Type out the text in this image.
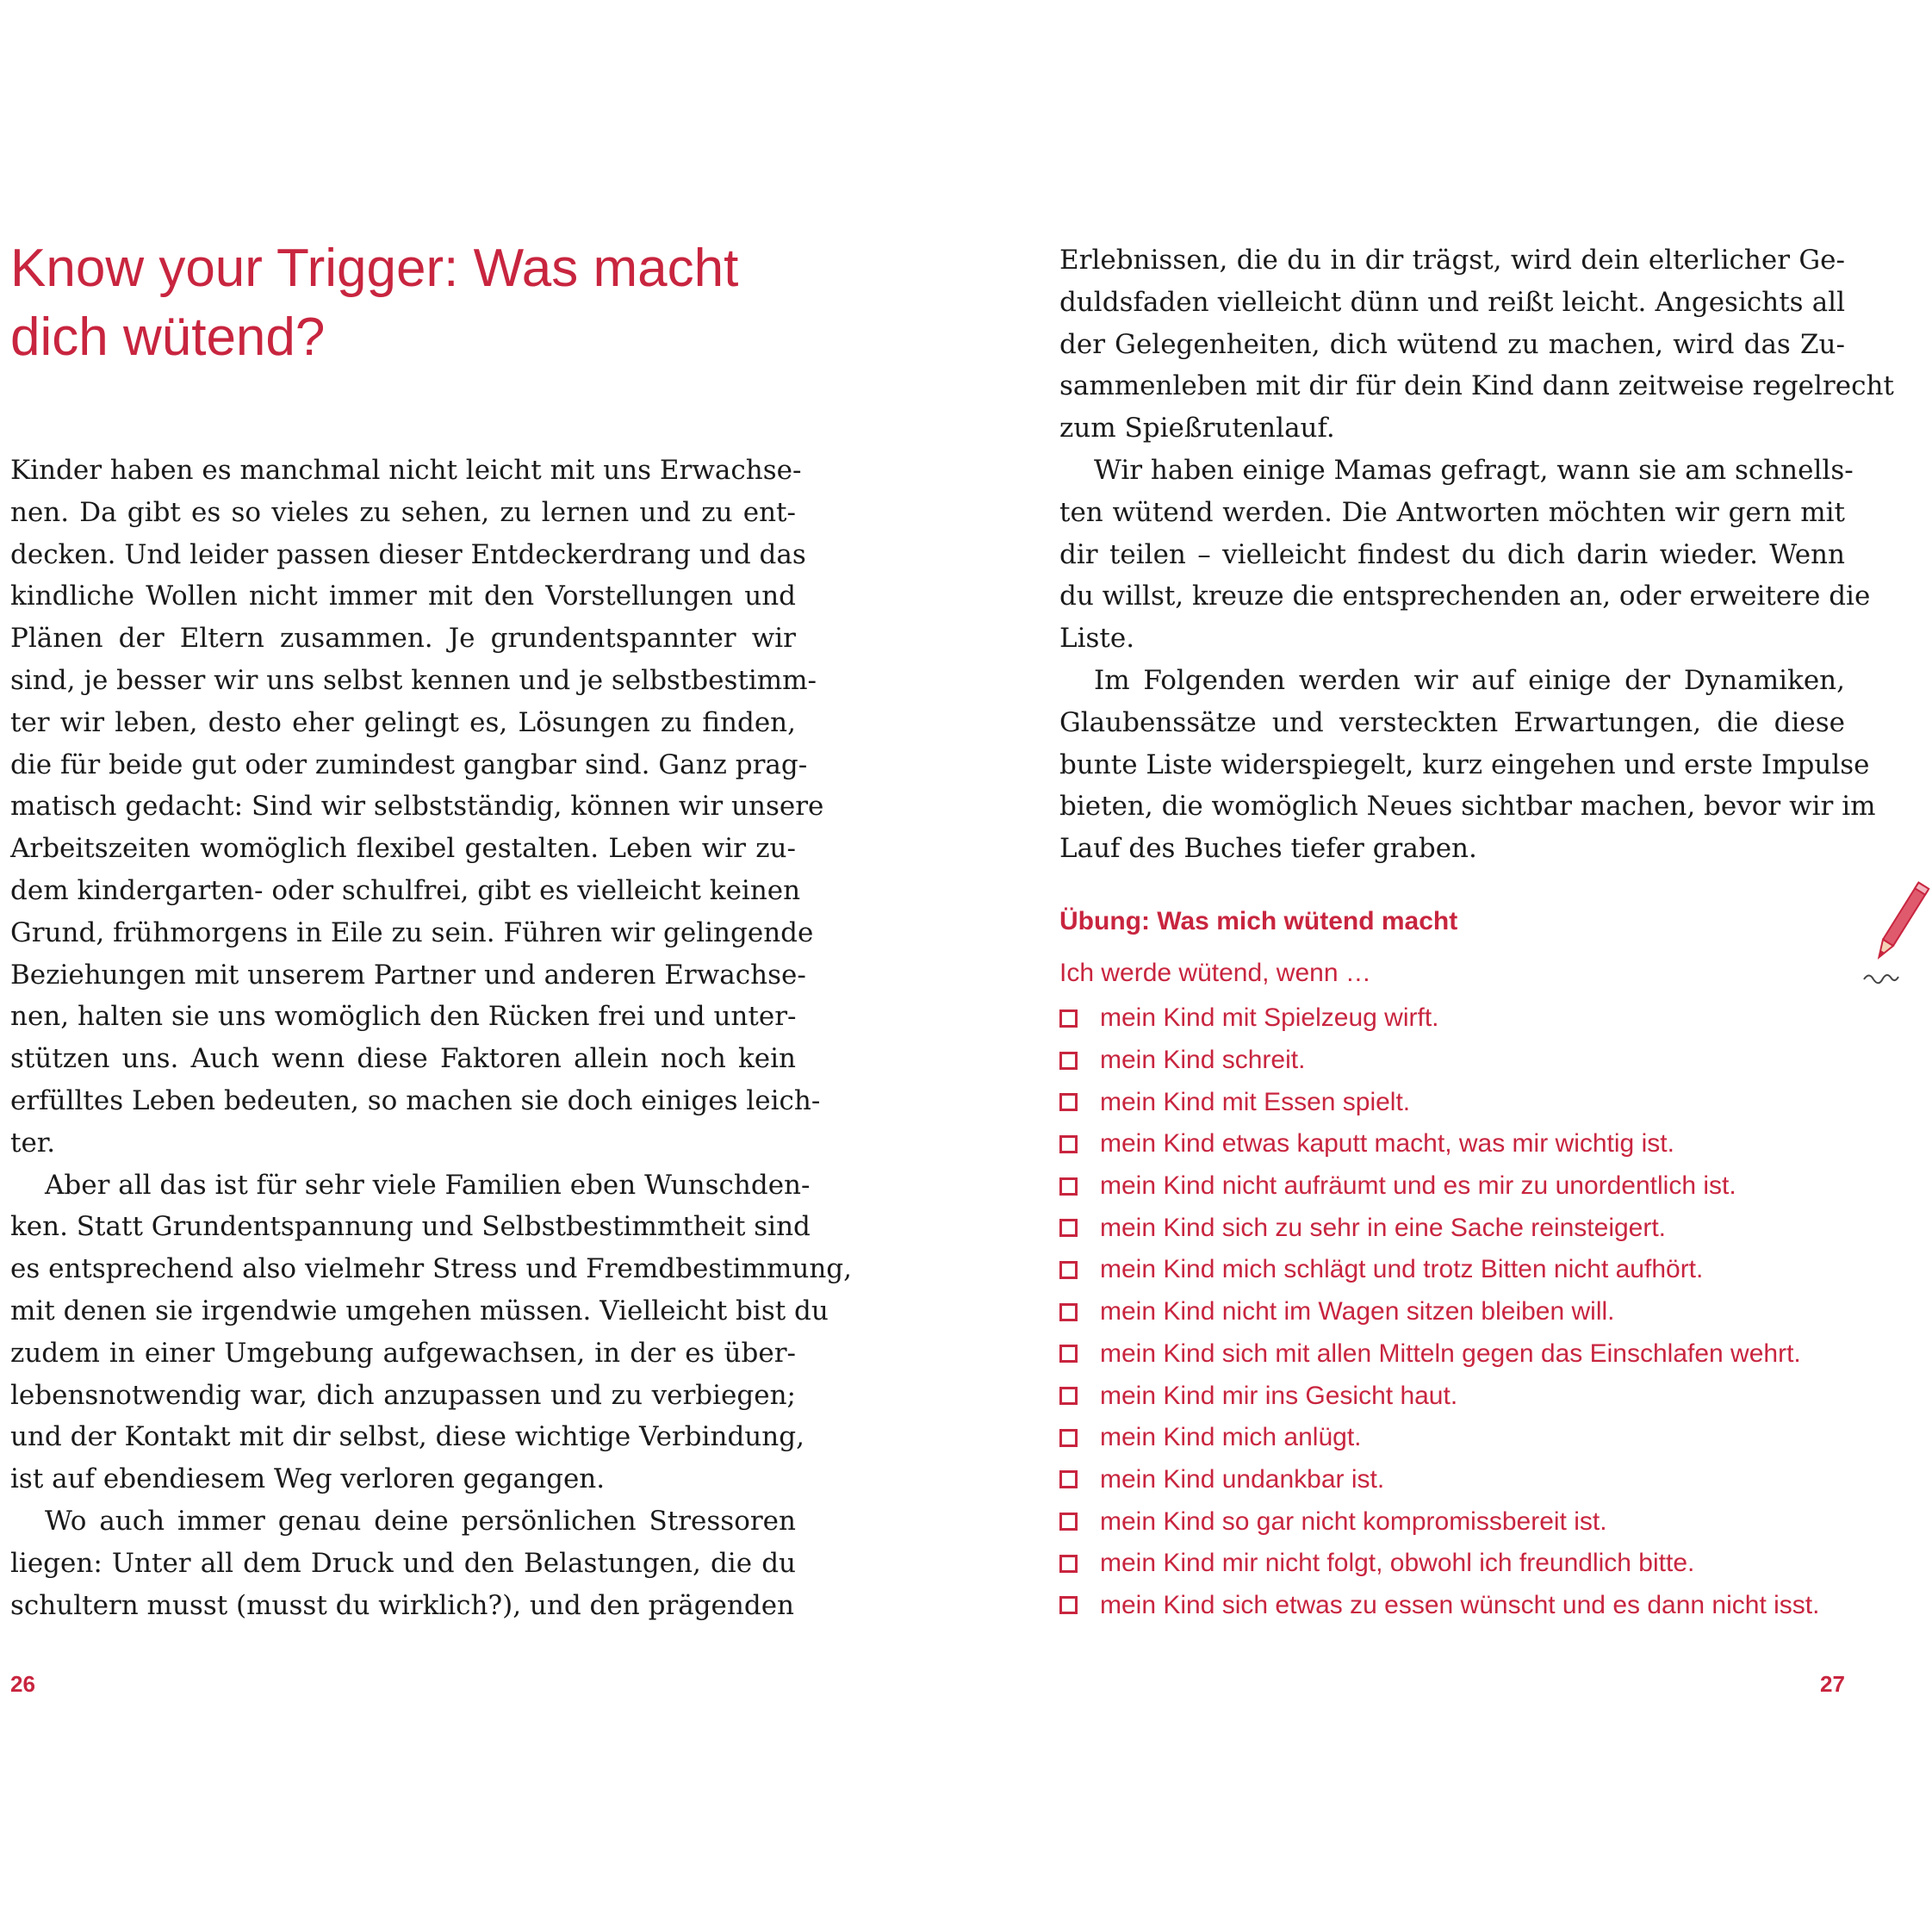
Know your Trigger: Was macht
dich wütend?
Kinder haben es manchmal nicht leicht mit uns Erwachse-
nen. Da gibt es so vieles zu sehen, zu lernen und zu ent-
decken. Und leider passen dieser Entdeckerdrang und das
kindliche Wollen nicht immer mit den Vorstellungen und
Plänen der Eltern zusammen. Je grundentspannter wir
sind, je besser wir uns selbst kennen und je selbstbestimm-
ter wir leben, desto eher gelingt es, Lösungen zu finden,
die für beide gut oder zumindest gangbar sind. Ganz prag-
matisch gedacht: Sind wir selbstständig, können wir unsere
Arbeitszeiten womöglich flexibel gestalten. Leben wir zu-
dem kindergarten- oder schulfrei, gibt es vielleicht keinen
Grund, frühmorgens in Eile zu sein. Führen wir gelingende
Beziehungen mit unserem Partner und anderen Erwachse-
nen, halten sie uns womöglich den Rücken frei und unter-
stützen uns. Auch wenn diese Faktoren allein noch kein
erfülltes Leben bedeuten, so machen sie doch einiges leich-
ter.
Aber all das ist für sehr viele Familien eben Wunschden-
ken. Statt Grundentspannung und Selbstbestimmtheit sind
es entsprechend also vielmehr Stress und Fremdbestimmung,
mit denen sie irgendwie umgehen müssen. Vielleicht bist du
zudem in einer Umgebung aufgewachsen, in der es über-
lebensnotwendig war, dich anzupassen und zu verbiegen;
und der Kontakt mit dir selbst, diese wichtige Verbindung,
ist auf ebendiesem Weg verloren gegangen.
Wo auch immer genau deine persönlichen Stressoren
liegen: Unter all dem Druck und den Belastungen, die du
schultern musst (musst du wirklich?), und den prägenden
26
Erlebnissen, die du in dir trägst, wird dein elterlicher Ge-
duldsfaden vielleicht dünn und reißt leicht. Angesichts all
der Gelegenheiten, dich wütend zu machen, wird das Zu-
sammenleben mit dir für dein Kind dann zeitweise regelrecht
zum Spießrutenlauf.
Wir haben einige Mamas gefragt, wann sie am schnells-
ten wütend werden. Die Antworten möchten wir gern mit
dir teilen – vielleicht findest du dich darin wieder. Wenn
du willst, kreuze die entsprechenden an, oder erweitere die
Liste.
Im Folgenden werden wir auf einige der Dynamiken,
Glaubenssätze und versteckten Erwartungen, die diese
bunte Liste widerspiegelt, kurz eingehen und erste Impulse
bieten, die womöglich Neues sichtbar machen, bevor wir im
Lauf des Buches tiefer graben.
Übung: Was mich wütend macht
Ich werde wütend, wenn …
mein Kind mit Spielzeug wirft.
mein Kind schreit.
mein Kind mit Essen spielt.
mein Kind etwas kaputt macht, was mir wichtig ist.
mein Kind nicht aufräumt und es mir zu unordentlich ist.
mein Kind sich zu sehr in eine Sache reinsteigert.
mein Kind mich schlägt und trotz Bitten nicht aufhört.
mein Kind nicht im Wagen sitzen bleiben will.
mein Kind sich mit allen Mitteln gegen das Einschlafen wehrt.
mein Kind mir ins Gesicht haut.
mein Kind mich anlügt.
mein Kind undankbar ist.
mein Kind so gar nicht kompromissbereit ist.
mein Kind mir nicht folgt, obwohl ich freundlich bitte.
mein Kind sich etwas zu essen wünscht und es dann nicht isst.
27
